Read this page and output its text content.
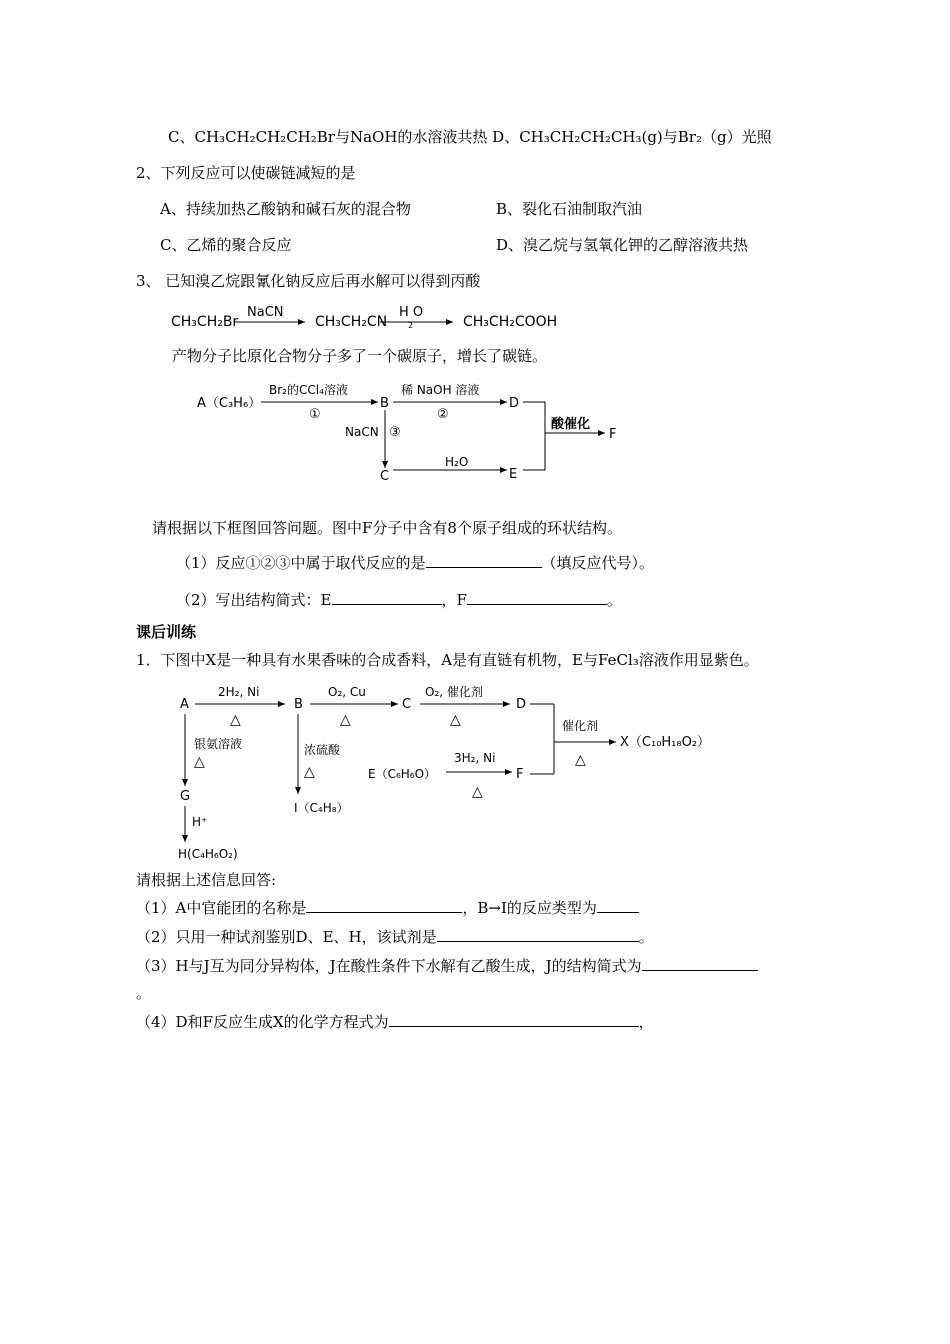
C、CH₃CH₂CH₂CH₂Br与NaOH的水溶液共热 D、CH₃CH₂CH₂CH₃(g)与Br₂（g）光照
2、下列反应可以使碳链减短的是
A、持续加热乙酸钠和碱石灰的混合物	B、裂化石油制取汽油
C、乙烯的聚合反应	D、溴乙烷与氢氧化钾的乙醇溶液共热
3、 已知溴乙烷跟氰化钠反应后再水解可以得到丙酸
CH₃CH₂Br
NaCN
CH₃CH₂CN
H O
2	CH₃CH₂COOH
产物分子比原化合物分子多了一个碳原子，增长了碳链。
A（C₃H₆）
Br₂的CCl₄溶液
①
B
稀 NaOH 溶液
②
D
NaCN ③
C
H₂O
E
酸催化
F
请根据以下框图回答问题。图中F分子中含有8个原子组成的环状结构。
（1）反应①②③中属于取代反应的是	（填反应代号）。
（2）写出结构简式：E	，F	。
课后训练
1．下图中X是一种具有水果香味的合成香料，A是有直链有机物，E与FeCl₃溶液作用显紫色。
A
2H₂, Ni
△
B
O₂, Cu
△
C
O₂, 催化剂
△
D
催化剂
△
X（C₁₀H₁₈O₂）
银氨溶液
△
G
H⁺
H(C₄H₆O₂)
浓硫酸
△
I（C₄H₈）
E（C₆H₆O）
3H₂, Ni
△
F
请根据上述信息回答:
（1）A中官能团的名称是	，B→I的反应类型为
（2）只用一种试剂鉴别D、E、H，该试剂是	。
（3）H与J互为同分异构体，J在酸性条件下水解有乙酸生成，J的结构简式为
。
（4）D和F反应生成X的化学方程式为	，
